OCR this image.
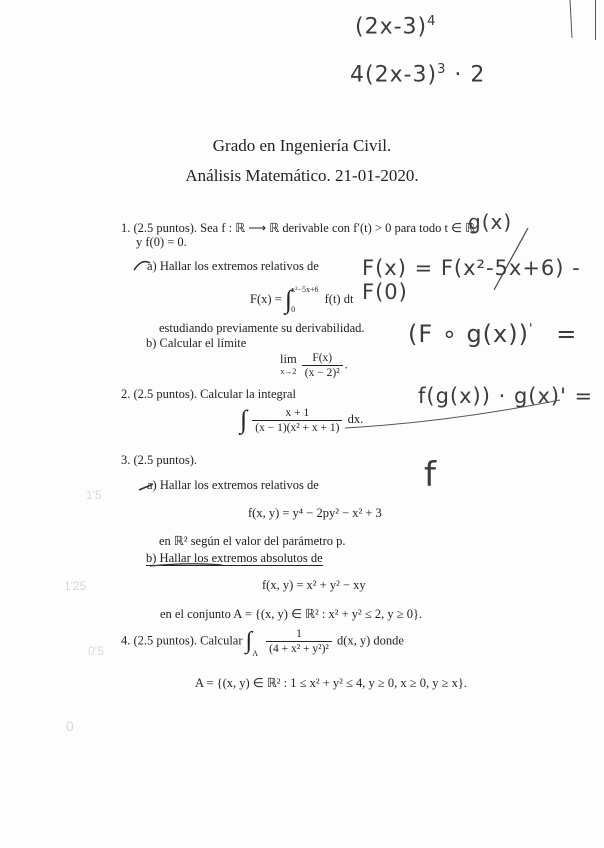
$(2x-3)^4$
$4(2x-3)^3 \cdot 2$
Grado en Ingeniería Civil.
Análisis Matemático. 21-01-2020.
1. (2.5 puntos). Sea f : ℝ ⟶ ℝ derivable con f′(t) > 0 para todo t ∈ ℝ
g(x)
y f(0) = 0.
a) Hallar los extremos relativos de F(x) = F(x²-5x+6) - F(0)
F(x) = ∫ x²−5x+6
0
f(t) dt
estudiando previamente su derivabilidad. (F ∘ g(x))' =
b) Calcular el límite
lim
$x\to 2 \frac{F(x)}{\text{(x − 2)²}}$ .
2. (2.5 puntos). Calcular la integral	f(g(x)) · g(x)' =
∫ $\frac{x + 1}{\text{(x − 1)(x² + x + 1)}}$ dx.
3. (2.5 puntos).	f
1'5
a) Hallar los extremos relativos de
f(x, y) = y⁴ − 2py² − x² + 3
en ℝ² según el valor del parámetro p.
b) Hallar los extremos absolutos de
1'25	f(x, y) = x² + y² − xy
en el conjunto A = {(x, y) ∈ ℝ² : x² + y² ≤ 2, y ≥ 0}.
0'5
4. (2.5 puntos). Calcular $\int_A \frac{1}{\text{(4 + x² + y²)²}} d(x$, y) donde
A = {(x, y) ∈ ℝ² : 1 ≤ x² + y² ≤ 4, y ≥ 0, x ≥ 0, y ≥ x}.
0
